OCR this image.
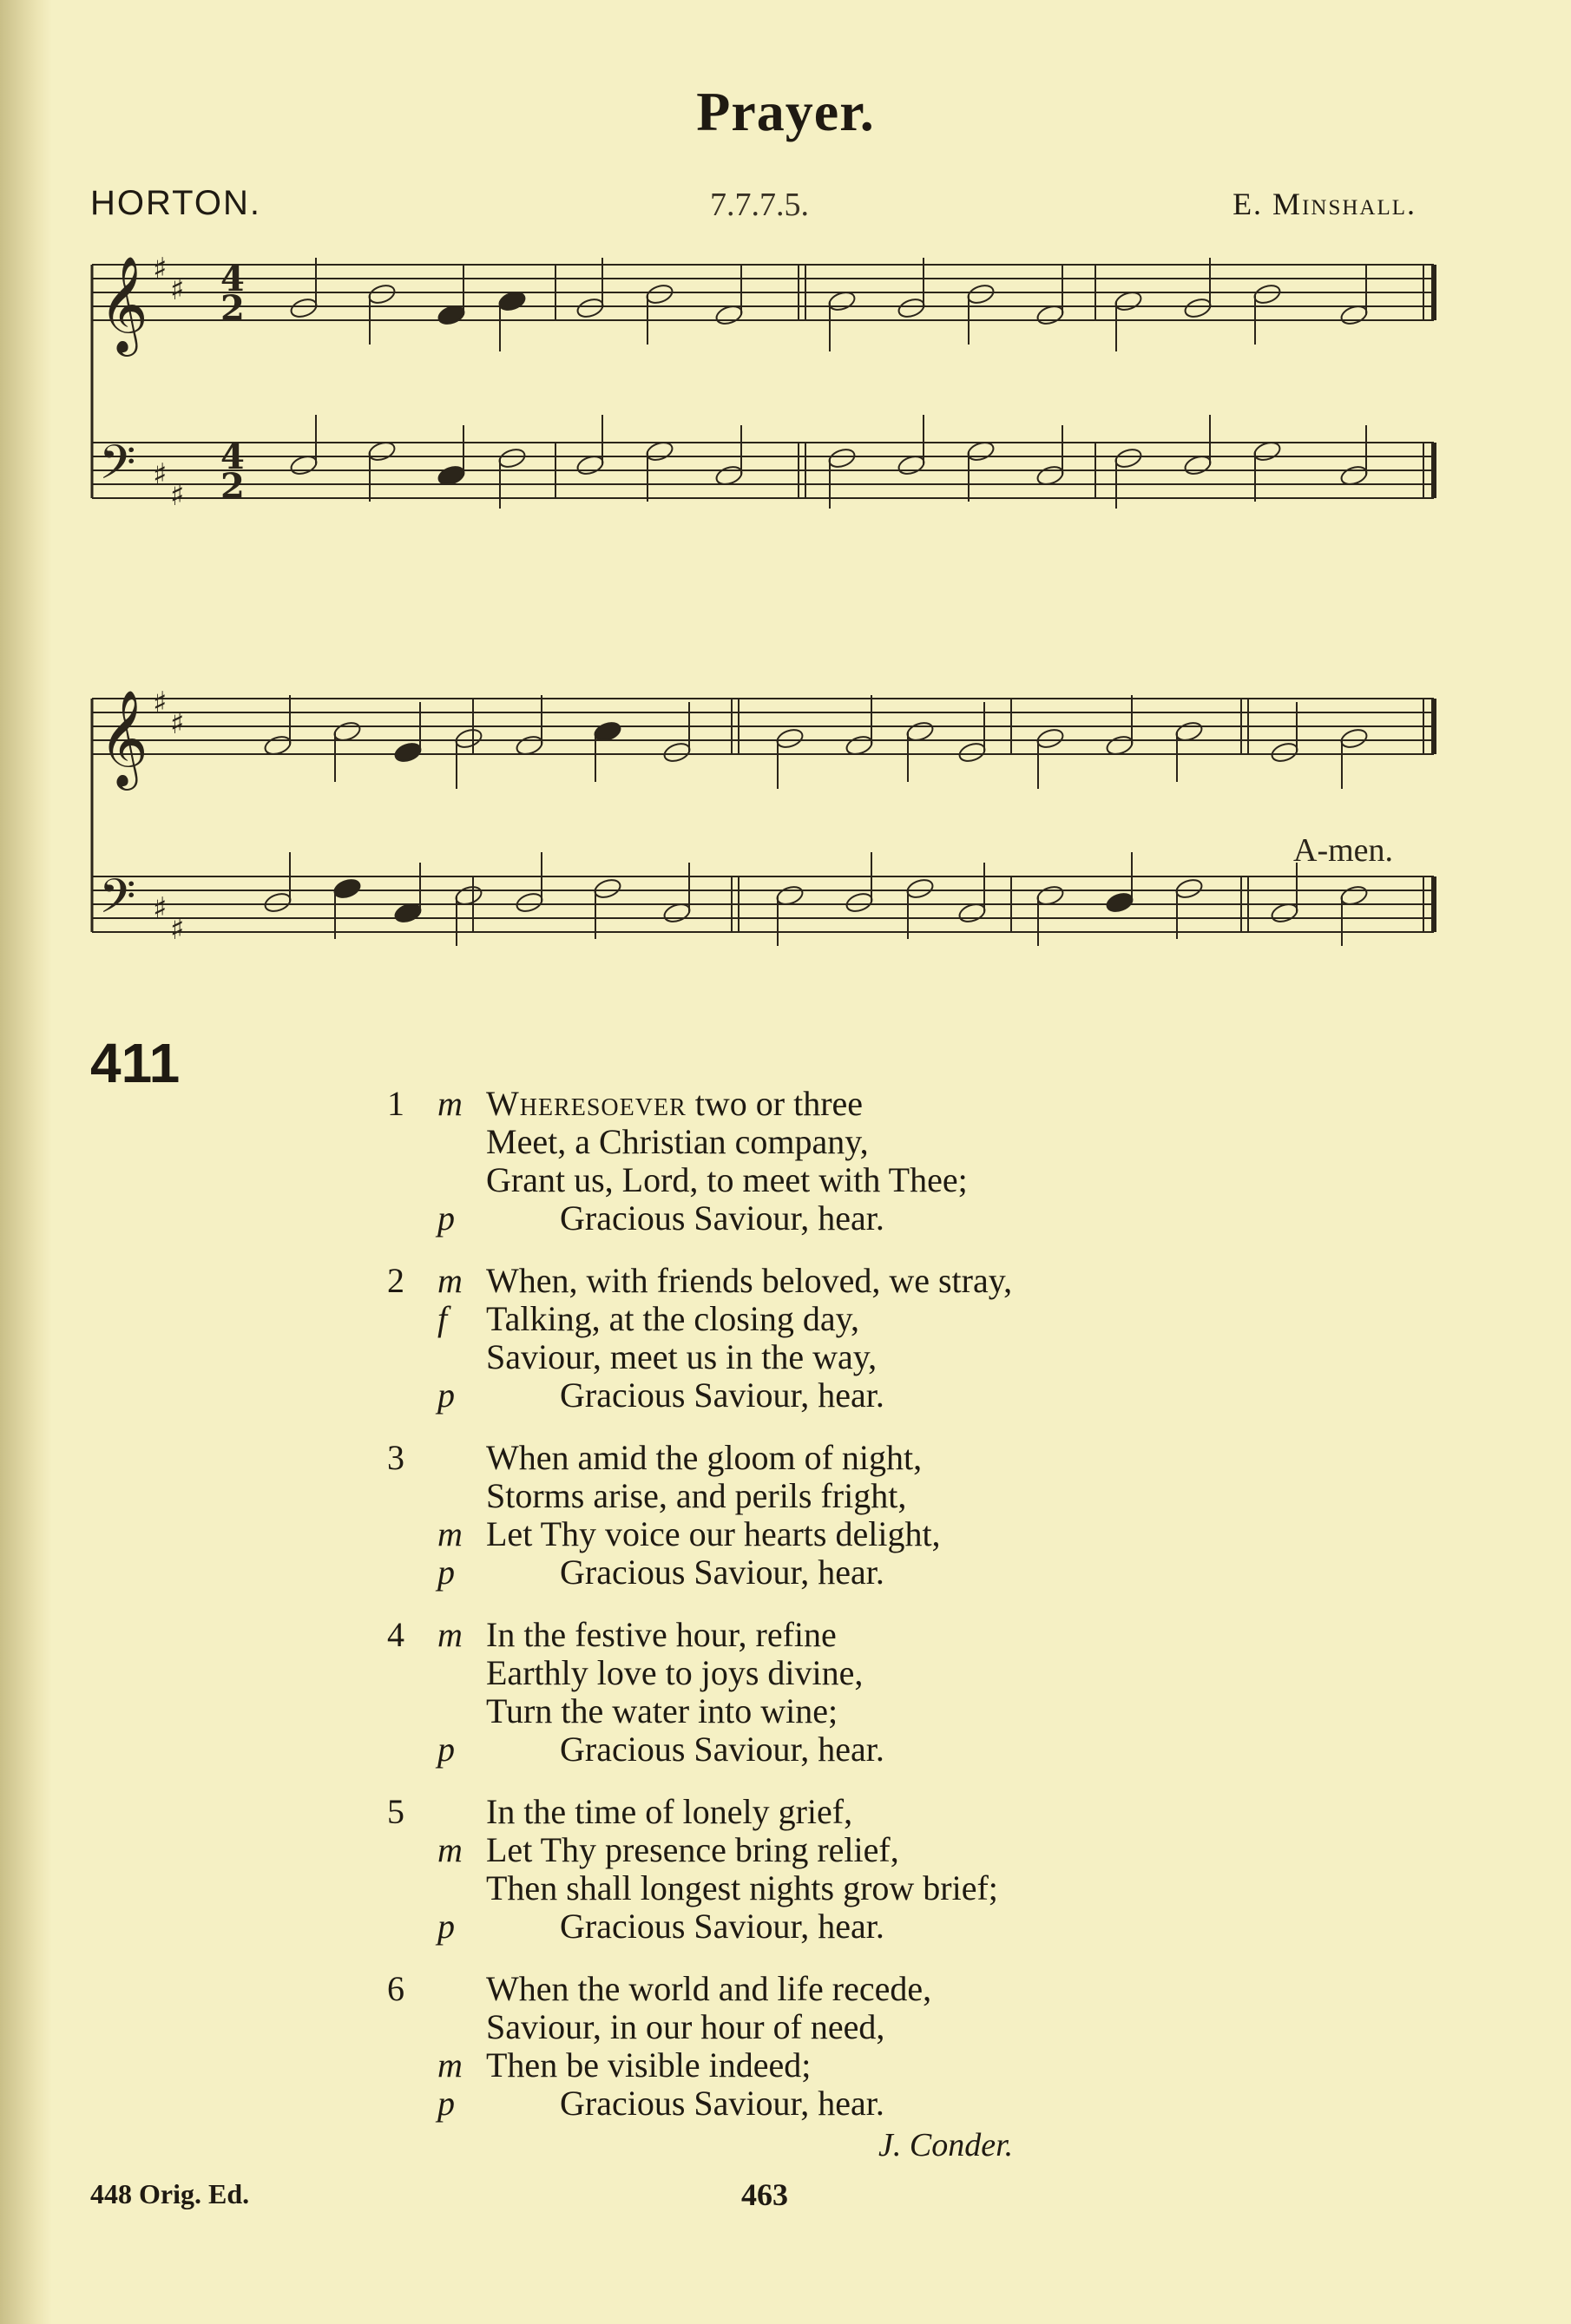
Prayer.
HORTON.	7.7.7.5.	E. Minshall.
𝄞 ♯
♯ 4
2
𝄢 ♯
♯
4
2
𝄞 ♯
♯
𝄢 ♯
♯
A-men.
411
1 m Wheresoever two or three
Meet, a Christian company,
Grant us, Lord, to meet with Thee;
p	Gracious Saviour, hear.
2 m When, with friends beloved, we stray,
f Talking, at the closing day,
Saviour, meet us in the way,
p	Gracious Saviour, hear.
3 When amid the gloom of night,
Storms arise, and perils fright,
m Let Thy voice our hearts delight,
p	Gracious Saviour, hear.
4 m In the festive hour, refine
Earthly love to joys divine,
Turn the water into wine;
p	Gracious Saviour, hear.
5 In the time of lonely grief,
m Let Thy presence bring relief,
Then shall longest nights grow brief;
p	Gracious Saviour, hear.
6 When the world and life recede,
Saviour, in our hour of need,
m Then be visible indeed;
p	Gracious Saviour, hear.
J. Conder.
448 Orig. Ed.	463
